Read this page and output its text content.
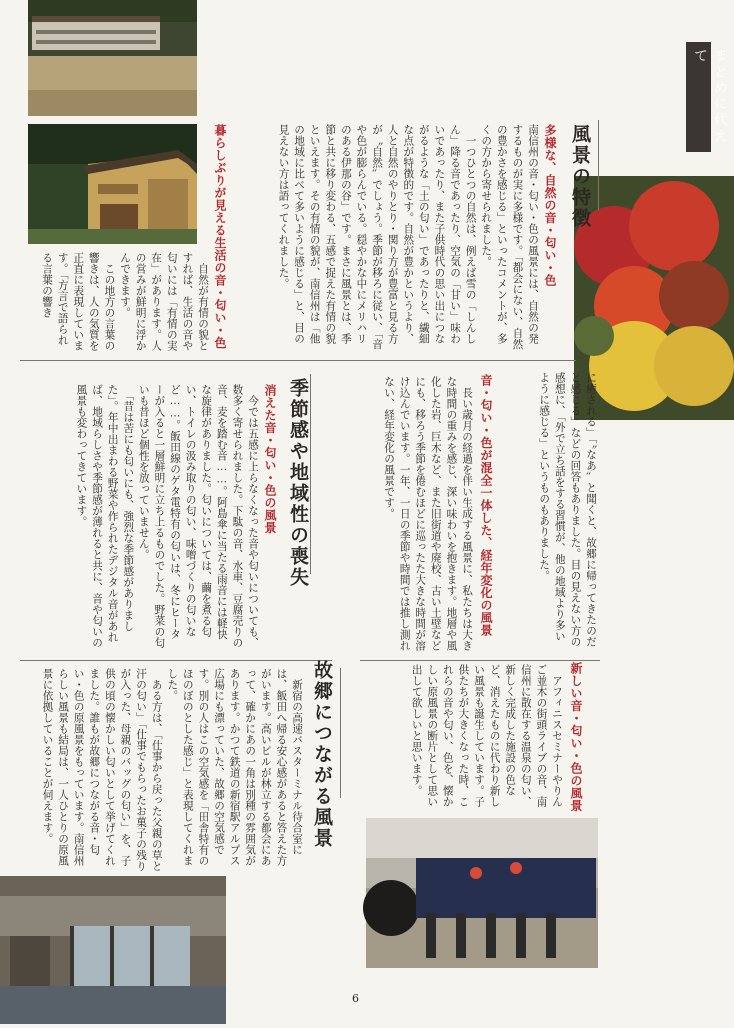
まとめに代えて
風景の特徴
多様な、自然の音・匂い・色
南信州の音・匂い・色の風景には、自然の発するものが実に多様です。「都会にない、自然の豊かさを感じる」といったコメントが、多くの方から寄せられました。
　一つひとつの自然は、例えば雪の「しんしん」降る音であったり、空気の「甘い」味わいであったり、また子供時代の思い出につながるような「土の匂い」であったりと、繊細な点が特徴的です。自然が豊かというより、人と自然のやりとり・関り方が豊富と見る方が〝自然〟でしょう。季節が移ろに従い、「音や色が膨らんでいる。穏やかな中にメリハリのある伊那の谷」です。まさに風景とは、季節と共に移り変わる、五感で捉えた有情の貌といえます。その有情の貌が、南信州は「他の地域に比べて多いように感じる」と、目の見えない方は語ってくれました。
暮らしぶりが見える生活の音・匂い・色
　自然が有情の貌とすれば、生活の音や匂いには「有情の実在」があります。人の営みが鮮明に浮かんできます。
　この地方の言葉の響きは、人の気質を正直に表現しています。「方言で語られる言葉の響き
に癒される」「〝なあ〟と聞くと、故郷に帰ってきたのだと感じる」などの回答もありました。目の見えない方の感想に、「外で立ち話をする習慣が、他の地域より多いように感じる」というものもありました。
音・匂い・色が混全一体した、経年変化の風景
　長い歳月の経過を伴い生成する風景に、私たちは大きな時間の重みを感じ、深い味わいを抱きます。地層や風化した岩、巨木など、また旧街道や廃校、古い土壁などにも、移ろう季節を倦むほどに巡ったた大きな時間が溶け込んでいます。一年、一日の季節や時間では推し測れない、経年変化の風景です。
季節感や地域性の喪失
消えた音・匂い・色の風景
　今では五感に上らなくなった音や匂いについても、数多く寄せられました。下駄の音、水車、豆腐売りの音、麦を踏む音……。阿島傘に当たる雨音には軽快な旋律がありました。匂いについては、繭を煮る匂い、トイレの汲み取りの匂い、味噌づくりの匂いなど……。飯田線のゲタ電特有の匂いは、冬にヒーターが入ると一層鮮明に立ち上るものでした。野菜の匂いも昔ほど個性を放っていません。
　「昔は苦にも匂いにも、強烈な季節感がありました」。年中出まわる野菜や作られたデジタル音があれば、地域らしさや季節感が薄れると共に、音や匂いの風景も変わってきています。
新しい音・匂い・色の風景
　アフィニスセミナーやりんご並木の街頭ライブの音、南信州に散在する温泉の匂い、新しく完成した施設の色など、消えたものに代わり新しい風景も誕生しています。子供たちが大きくなった時、これらの音や匂い、色を、懐かしい原風景の断片として思い出して欲しいと思います。
故郷につながる風景
　新宿の高速バスターミナル待合室には、飯田へ帰る安心感があると答えた方がいます。高いビルが林立する都会にあって、確かにあの一角は別種の雰囲気があります。かつて鉄道の新宿駅アルプス広場にも漂っていた、故郷の空気感です。別の人はこの空気感を「田舎特有のほのぼのとした感じ」と表現してくれました。
　ある方は、「仕事から戻った父親の草と汗の匂い」「仕事でもらったお菓子の残りが入った、母親のバッグの匂い」を、子供の頃の懐かしい匂いとして挙げてくれました。誰もが故郷につながる音・匂い・色の原風景をもっています。南信州らしい風景も結局は、一人ひとりの原風景に依拠していることが伺えます。
6
